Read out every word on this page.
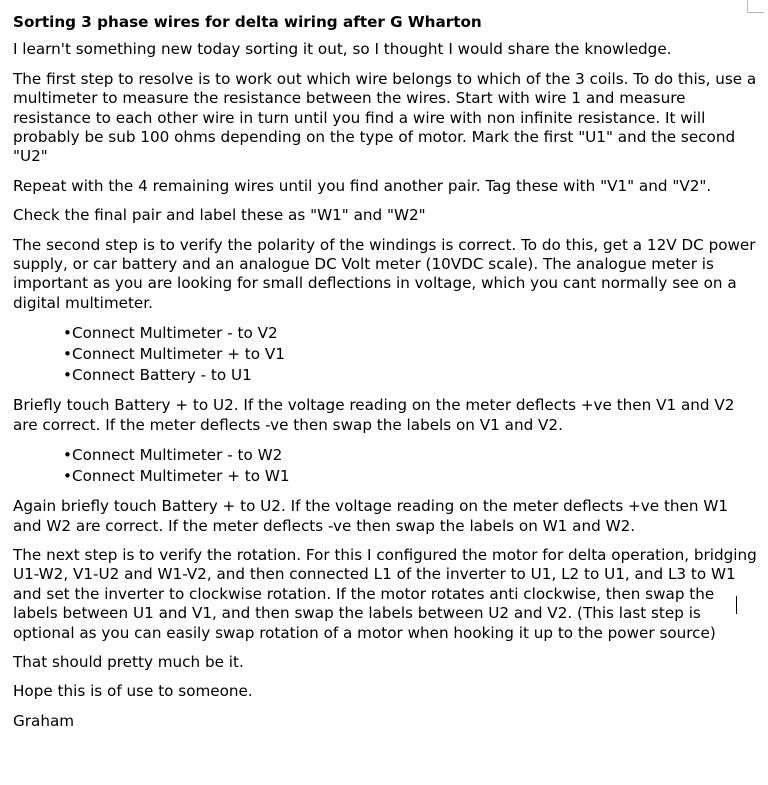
Sorting 3 phase wires for delta wiring after G Wharton

I learn't something new today sorting it out, so I thought I would share the knowledge.

The first step to resolve is to work out which wire belongs to which of the 3 coils. To do this, use a multimeter to measure the resistance between the wires. Start with wire 1 and measure resistance to each other wire in turn until you find a wire with non infinite resistance. It will probably be sub 100 ohms depending on the type of motor. Mark the first "U1" and the second "U2"

Repeat with the 4 remaining wires until you find another pair. Tag these with "V1" and "V2".

Check the final pair and label these as "W1" and "W2"

The second step is to verify the polarity of the windings is correct. To do this, get a 12V DC power supply, or car battery and an analogue DC Volt meter (10VDC scale). The analogue meter is important as you are looking for small deflections in voltage, which you cant normally see on a digital multimeter.

•Connect Multimeter - to V2
•Connect Multimeter + to V1
•Connect Battery - to U1

Briefly touch Battery + to U2. If the voltage reading on the meter deflects +ve then V1 and V2 are correct. If the meter deflects -ve then swap the labels on V1 and V2.

•Connect Multimeter - to W2
•Connect Multimeter + to W1

Again briefly touch Battery + to U2. If the voltage reading on the meter deflects +ve then W1 and W2 are correct. If the meter deflects -ve then swap the labels on W1 and W2.

The next step is to verify the rotation. For this I configured the motor for delta operation, bridging U1-W2, V1-U2 and W1-V2, and then connected L1 of the inverter to U1, L2 to U1, and L3 to W1 and set the inverter to clockwise rotation. If the motor rotates anti clockwise, then swap the labels between U1 and V1, and then swap the labels between U2 and V2. (This last step is optional as you can easily swap rotation of a motor when hooking it up to the power source)

That should pretty much be it.

Hope this is of use to someone.

Graham
